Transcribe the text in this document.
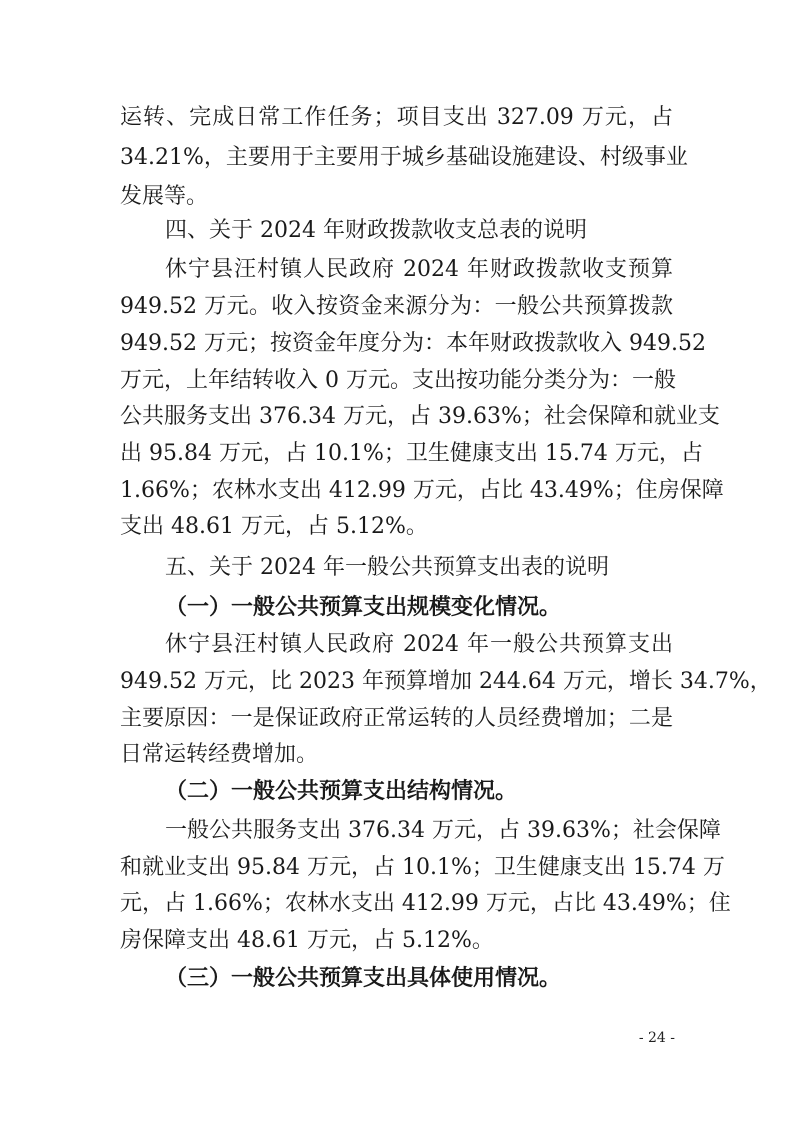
运转、完成日常工作任务；项目支出 327.09 万元，占
34.21%，主要用于主要用于城乡基础设施建设、村级事业
发展等。
四、关于 2024 年财政拨款收支总表的说明
休宁县汪村镇人民政府 2024 年财政拨款收支预算
949.52 万元。收入按资金来源分为：一般公共预算拨款
949.52 万元；按资金年度分为：本年财政拨款收入 949.52
万元，上年结转收入 0 万元。支出按功能分类分为：一般
公共服务支出 376.34 万元，占 39.63%；社会保障和就业支
出 95.84 万元，占 10.1%；卫生健康支出 15.74 万元，占
1.66%；农林水支出 412.99 万元，占比 43.49%；住房保障
支出 48.61 万元，占 5.12%。
五、关于 2024 年一般公共预算支出表的说明
（一）一般公共预算支出规模变化情况。
休宁县汪村镇人民政府 2024 年一般公共预算支出
949.52 万元，比 2023 年预算增加 244.64 万元，增长 34.7%，
主要原因：一是保证政府正常运转的人员经费增加；二是
日常运转经费增加。
（二）一般公共预算支出结构情况。
一般公共服务支出 376.34 万元，占 39.63%；社会保障
和就业支出 95.84 万元，占 10.1%；卫生健康支出 15.74 万
元，占 1.66%；农林水支出 412.99 万元，占比 43.49%；住
房保障支出 48.61 万元，占 5.12%。
（三）一般公共预算支出具体使用情况。
- 24 -
